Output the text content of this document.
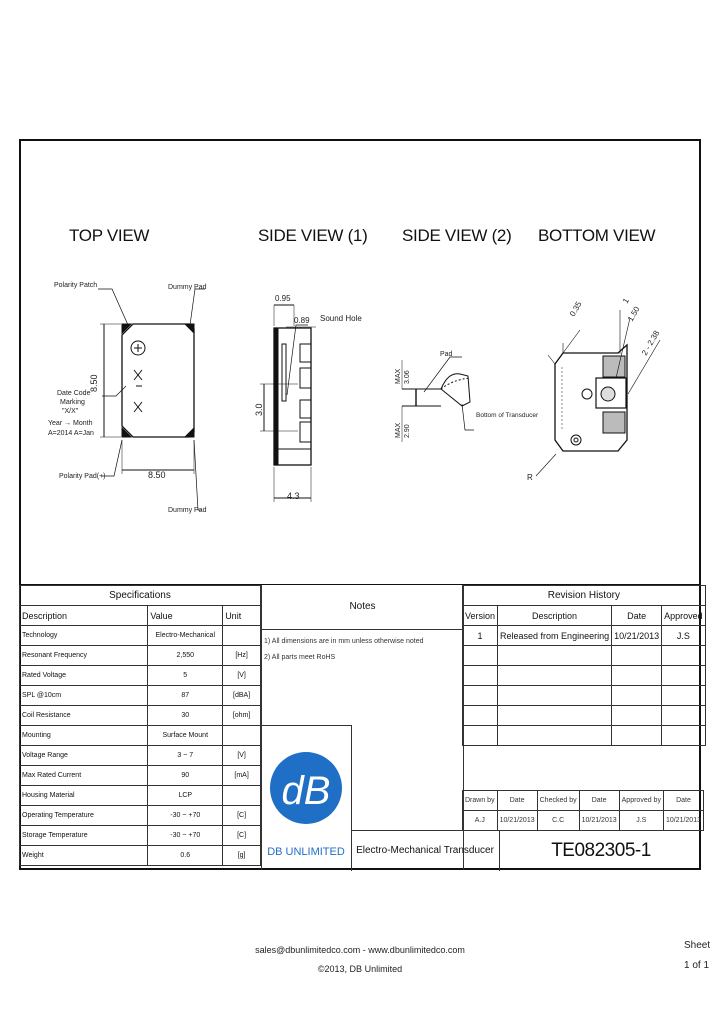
TOP VIEW	SIDE VIEW (1) SIDE VIEW (2) BOTTOM VIEW
Polarity Patch	Dummy Pad
Date Code
Marking
"X/X"
Year → Month
A=2014 A=Jan
Polarity Pad(+)
Dummy Pad
8.50
8.50
0.95
0.89 Sound Hole
3.0
4.3
MAX 3.06
MAX 2.90
Pad
Bottom of Transducer
0.35	1
1.50
2 - 2.38
R
Specifications		
Description	Value	Unit
Technology	Electro-Mechanical	
Resonant Frequency	2,550	[Hz]
Rated Voltage	5	[V]
SPL @10cm	87	[dBA]
Coil Resistance	30	[ohm]
Mounting	Surface Mount	
Voltage Range	3 ~ 7	[V]
Max Rated Current	90	[mA]
Housing Material	LCP	
Operating Temperature	-30 ~ +70	[C]
Storage Temperature	-30 ~ +70	[C]
Weight	0.6	[g]
Notes
1) All dimensions are in mm unless otherwise noted
2) All parts meet RoHS
dB
DB UNLIMITED
Revision History			
Version	Description	Date	Approved
1	Released from Engineering	10/21/2013	J.S

Drawn by	Date	Checked by	Date	Approved by	Date
A.J	10/21/2013	C.C	10/21/2013	J.S	10/21/2013
Electro-Mechanical Transducer	TE082305-1
sales@dbunlimitedco.com - www.dbunlimitedco.com
©2013, DB Unlimited
Sheet
1 of 1
